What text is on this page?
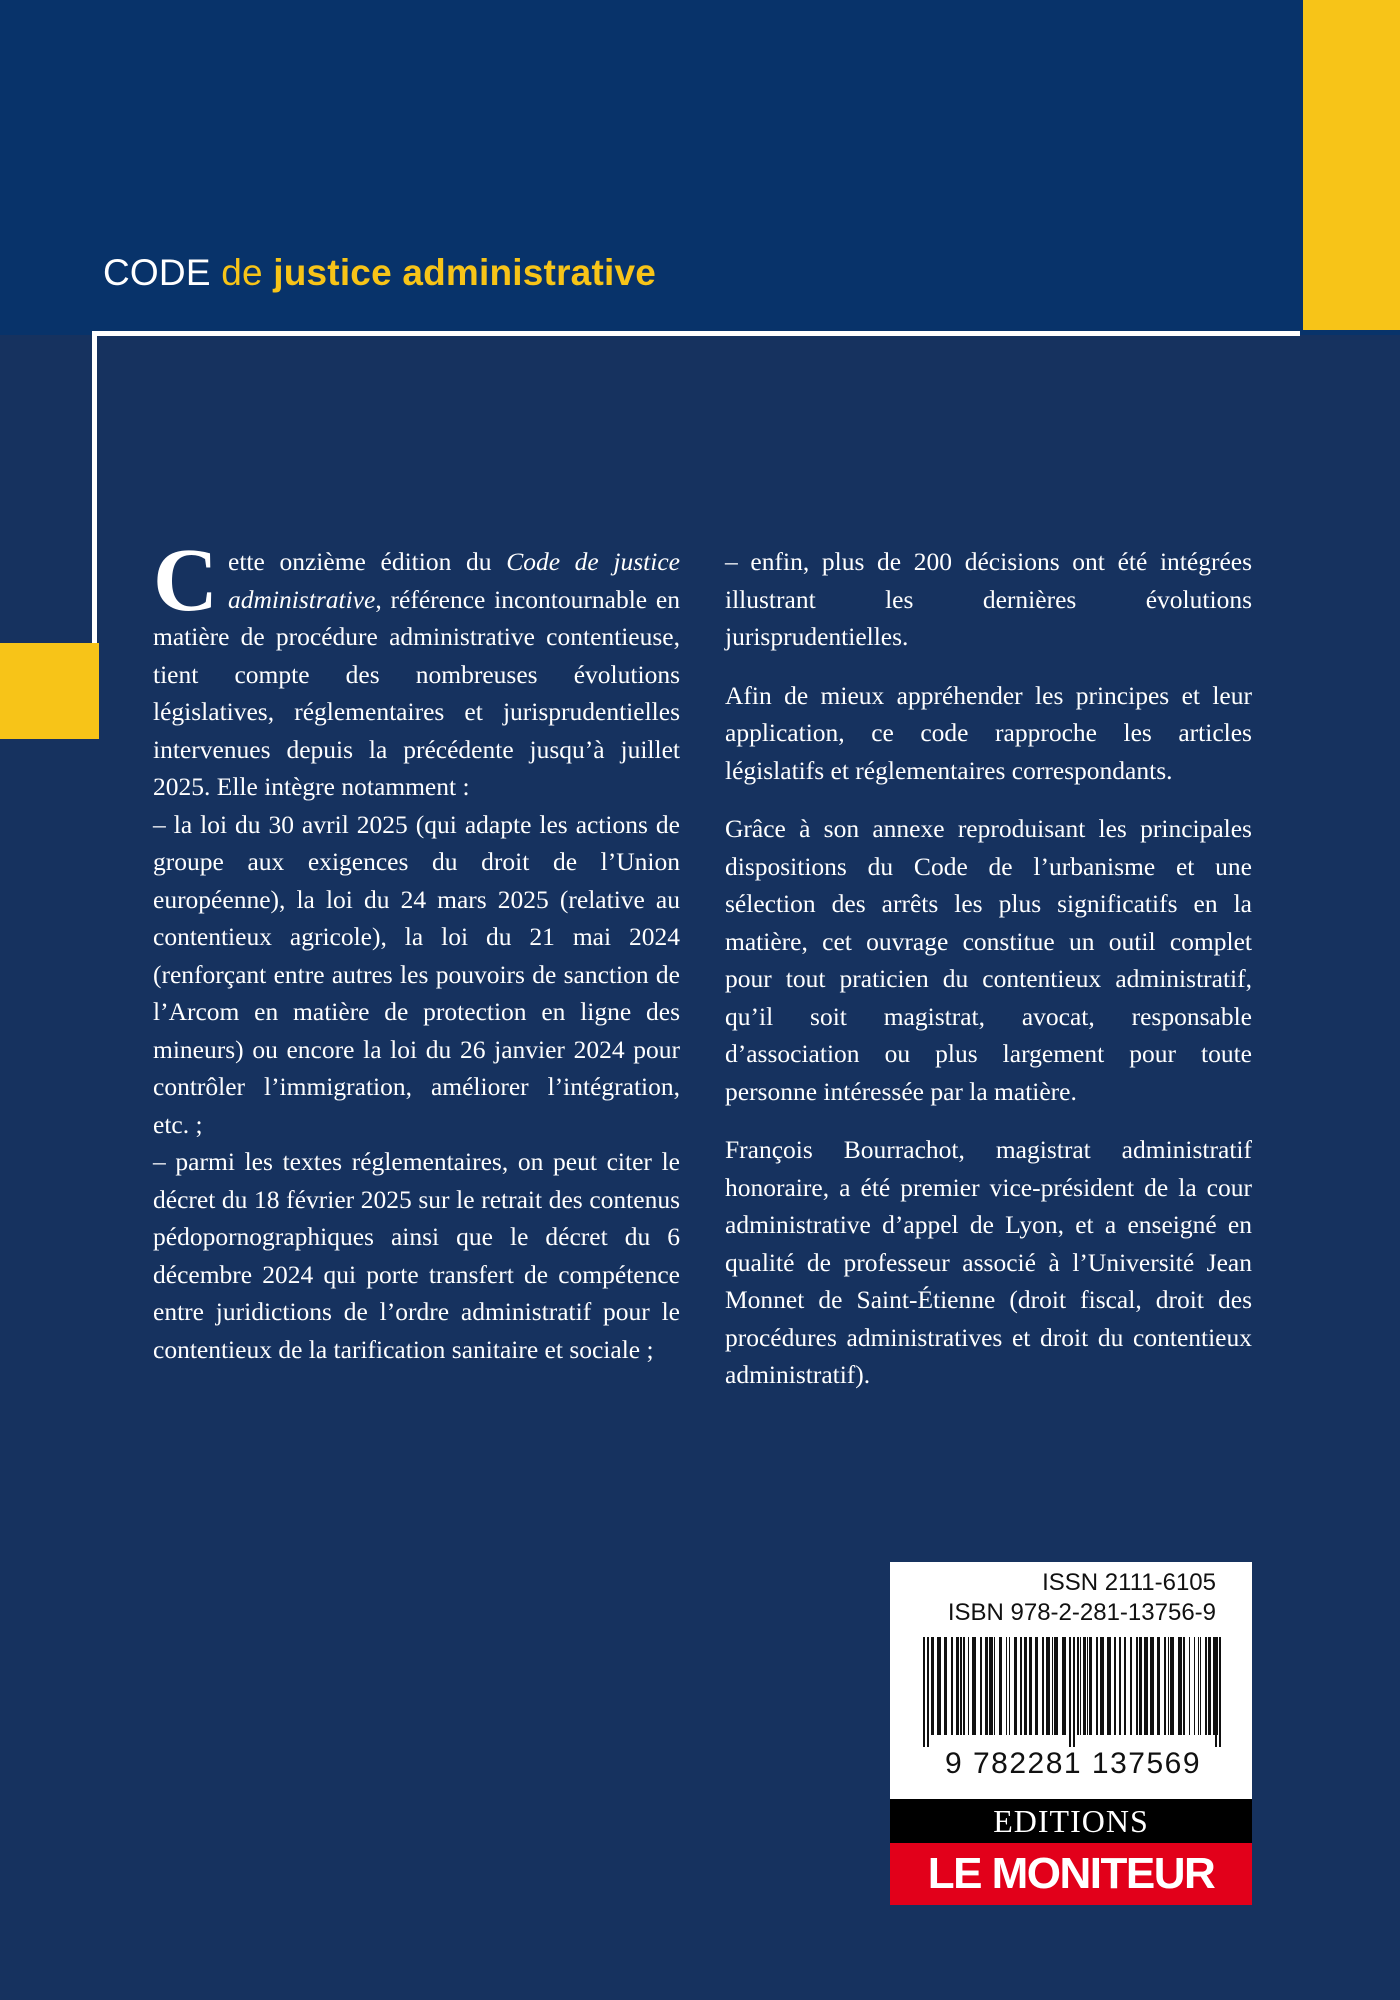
CODE de justice administrative

Cette onzième édition du Code de justice administrative, référence incontournable en matière de procédure administrative contentieuse, tient compte des nombreuses évolutions législatives, réglementaires et jurisprudentielles intervenues depuis la précédente jusqu’à juillet 2025. Elle intègre notamment :

– la loi du 30 avril 2025 (qui adapte les actions de groupe aux exigences du droit de l’Union européenne), la loi du 24 mars 2025 (relative au contentieux agricole), la loi du 21 mai 2024 (renforçant entre autres les pouvoirs de sanction de l’Arcom en matière de protection en ligne des mineurs) ou encore la loi du 26 janvier 2024 pour contrôler l’immigration, améliorer l’intégration, etc. ;

– parmi les textes réglementaires, on peut citer le décret du 18 février 2025 sur le retrait des contenus pédopornographiques ainsi que le décret du 6 décembre 2024 qui porte transfert de compétence entre juridictions de l’ordre administratif pour le contentieux de la tarification sanitaire et sociale ;

– enfin, plus de 200 décisions ont été intégrées illustrant les dernières évolutions jurisprudentielles.

Afin de mieux appréhender les principes et leur application, ce code rapproche les articles législatifs et réglementaires correspondants.

Grâce à son annexe reproduisant les principales dispositions du Code de l’urbanisme et une sélection des arrêts les plus significatifs en la matière, cet ouvrage constitue un outil complet pour tout praticien du contentieux administratif, qu’il soit magistrat, avocat, responsable d’association ou plus largement pour toute personne intéressée par la matière.

François Bourrachot, magistrat administratif honoraire, a été premier vice-président de la cour administrative d’appel de Lyon, et a enseigné en qualité de professeur associé à l’Université Jean Monnet de Saint-Étienne (droit fiscal, droit des procédures administratives et droit du contentieux administratif).

ISSN 2111-6105
ISBN 978-2-281-13756-9
9 782281 137569
EDITIONS
LE MONITEUR
